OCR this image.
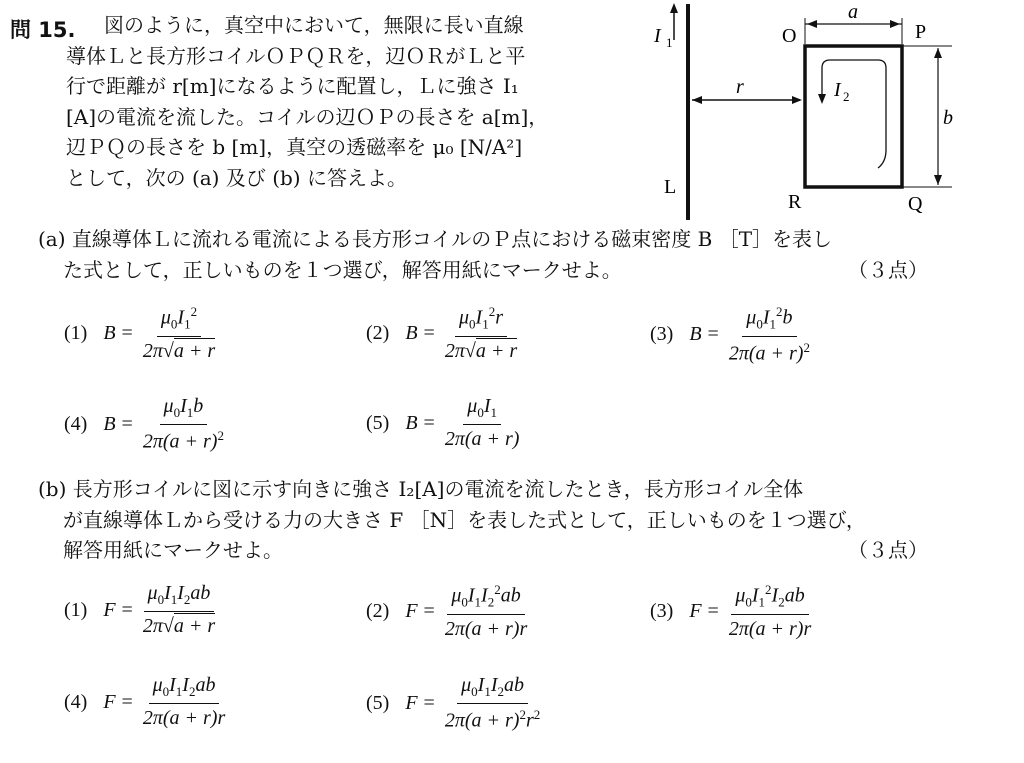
問 15. 図のように，真空中において，無限に長い直線

導体Ｌと長方形コイルＯＰＱＲを，辺ＯＲがＬと平

行で距離が r[m]になるように配置し，Ｌに強さ I₁

[A]の電流を流した。コイルの辺ＯＰの長さを a[m]，

辺ＰＱの長さを b [m]，真空の透磁率を μ₀ [N/A²]

として，次の (a) 及び (b) に答えよ。

I 1
L
r
O	P
R	Q
a
b
I 2

(a) 直線導体Ｌに流れる電流による長方形コイルのＰ点における磁束密度 B ［T］を表し

た式として，正しいものを１つ選び，解答用紙にマークせよ。	（３点）

(1) $B = \frac{\mu_0I_1^2}{2\pi√a + r}$	(2) $B = \frac{\mu_0I_1^2r}{2\pi√a + r}$	(3) $B = \frac{\mu_0I_1^2b}{2\pi(a + r)^2}$
(4) $B = \frac{\mu_0I_1b}{2\pi(a + r)^2}$	(5) $B = \frac{\mu_0I_1}{2\pi(a + r)}$

(b) 長方形コイルに図に示す向きに強さ I₂[A]の電流を流したとき，長方形コイル全体

が直線導体Ｌから受ける力の大きさ F ［N］を表した式として，正しいものを１つ選び，

解答用紙にマークせよ。	（３点）

(1) $F = \frac{\mu_0I_1I_2ab}{2\pi√a + r}$	(2) $F = \frac{\mu_0I_1I_2^2ab}{2\pi(a + r)r}$	(3) $F = \frac{\mu_0I_1^2I_2ab}{2\pi(a + r)r}$
(4) $F = \frac{\mu_0I_1I_2ab}{2\pi(a + r)r}$	(5) $F = \frac{\mu_0I_1I_2ab}{2\pi(a + r)^2r^2}$
